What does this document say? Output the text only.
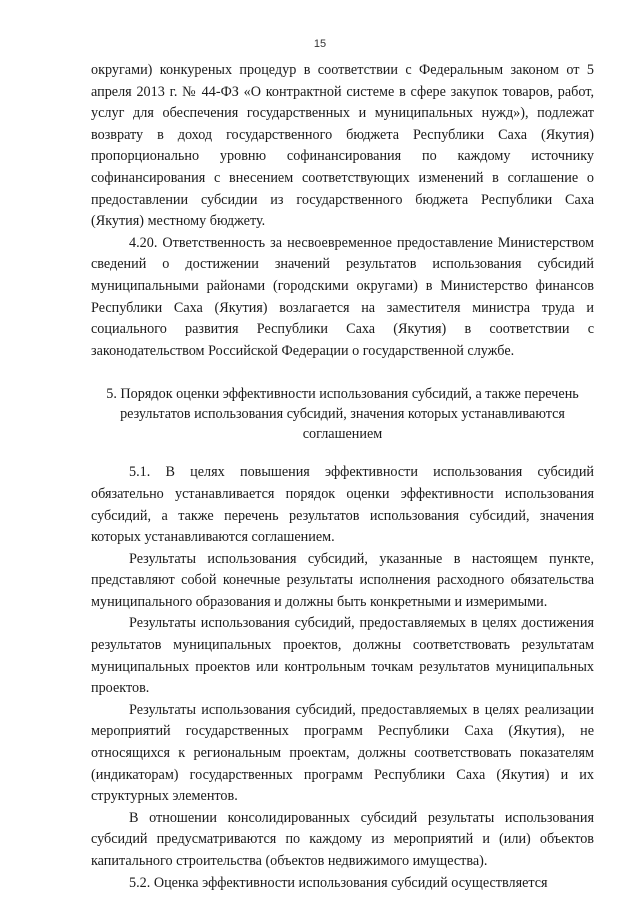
15

округами) конкуреных процедур в соответствии с Федеральным законом от 5 апреля 2013 г. № 44-ФЗ «О контрактной системе в сфере закупок товаров, работ, услуг для обеспечения государственных и муниципальных нужд»), подлежат возврату в доход государственного бюджета Республики Саха (Якутия) пропорционально уровню софинансирования по каждому источнику софинансирования с внесением соответствующих изменений в соглашение о предоставлении субсидии из государственного бюджета Республики Саха (Якутия) местному бюджету.

4.20. Ответственность за несвоевременное предоставление Министерством сведений о достижении значений результатов использования субсидий муниципальными районами (городскими округами) в Министерство финансов Республики Саха (Якутия) возлагается на заместителя министра труда и социального развития Республики Саха (Якутия) в соответствии с законодательством Российской Федерации о государственной службе.

5. Порядок оценки эффективности использования субсидий, а также перечень результатов использования субсидий, значения которых устанавливаются соглашением

5.1. В целях повышения эффективности использования субсидий обязательно устанавливается порядок оценки эффективности использования субсидий, а также перечень результатов использования субсидий, значения которых устанавливаются соглашением.

Результаты использования субсидий, указанные в настоящем пункте, представляют собой конечные результаты исполнения расходного обязательства муниципального образования и должны быть конкретными и измеримыми.

Результаты использования субсидий, предоставляемых в целях достижения результатов муниципальных проектов, должны соответствовать результатам муниципальных проектов или контрольным точкам результатов муниципальных проектов.

Результаты использования субсидий, предоставляемых в целях реализации мероприятий государственных программ Республики Саха (Якутия), не относящихся к региональным проектам, должны соответствовать показателям (индикаторам) государственных программ Республики Саха (Якутия) и их структурных элементов.

В отношении консолидированных субсидий результаты использования субсидий предусматриваются по каждому из мероприятий и (или) объектов капитального строительства (объектов недвижимого имущества).

5.2. Оценка эффективности использования субсидий осуществляется
